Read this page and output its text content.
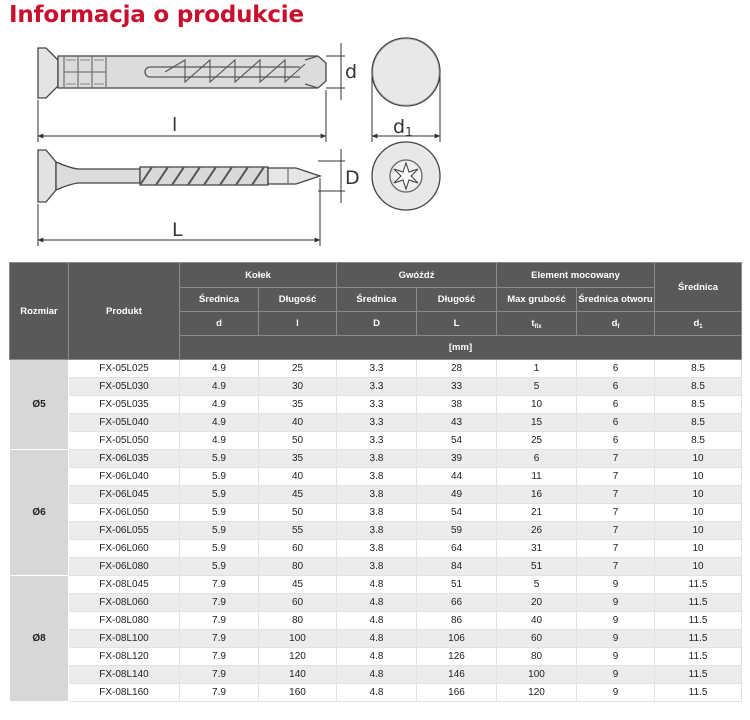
Informacja o produkcie
d
l	d1
D
L
Rozmiar	Produkt	Kołek		Gwóźdź		Element mocowany		Średnica
		Średnica	Długość	Średnica	Długość	Max grubość	Średnica otworu	
		d	l	D	L	$t_{fix}$	$d_f$	$d_1$
		[mm]						
Ø5	FX-05L025	4.9	25	3.3	28	1	6	8.5
	FX-05L030	4.9	30	3.3	33	5	6	8.5
	FX-05L035	4.9	35	3.3	38	10	6	8.5
	FX-05L040	4.9	40	3.3	43	15	6	8.5
	FX-05L050	4.9	50	3.3	54	25	6	8.5
Ø6	FX-06L035	5.9	35	3.8	39	6	7	10
	FX-06L040	5.9	40	3.8	44	11	7	10
	FX-06L045	5.9	45	3.8	49	16	7	10
	FX-06L050	5.9	50	3.8	54	21	7	10
	FX-06L055	5.9	55	3.8	59	26	7	10
	FX-06L060	5.9	60	3.8	64	31	7	10
	FX-06L080	5.9	80	3.8	84	51	7	10
Ø8	FX-08L045	7.9	45	4.8	51	5	9	11.5
	FX-08L060	7.9	60	4.8	66	20	9	11.5
	FX-08L080	7.9	80	4.8	86	40	9	11.5
	FX-08L100	7.9	100	4.8	106	60	9	11.5
	FX-08L120	7.9	120	4.8	126	80	9	11.5
	FX-08L140	7.9	140	4.8	146	100	9	11.5
	FX-08L160	7.9	160	4.8	166	120	9	11.5
